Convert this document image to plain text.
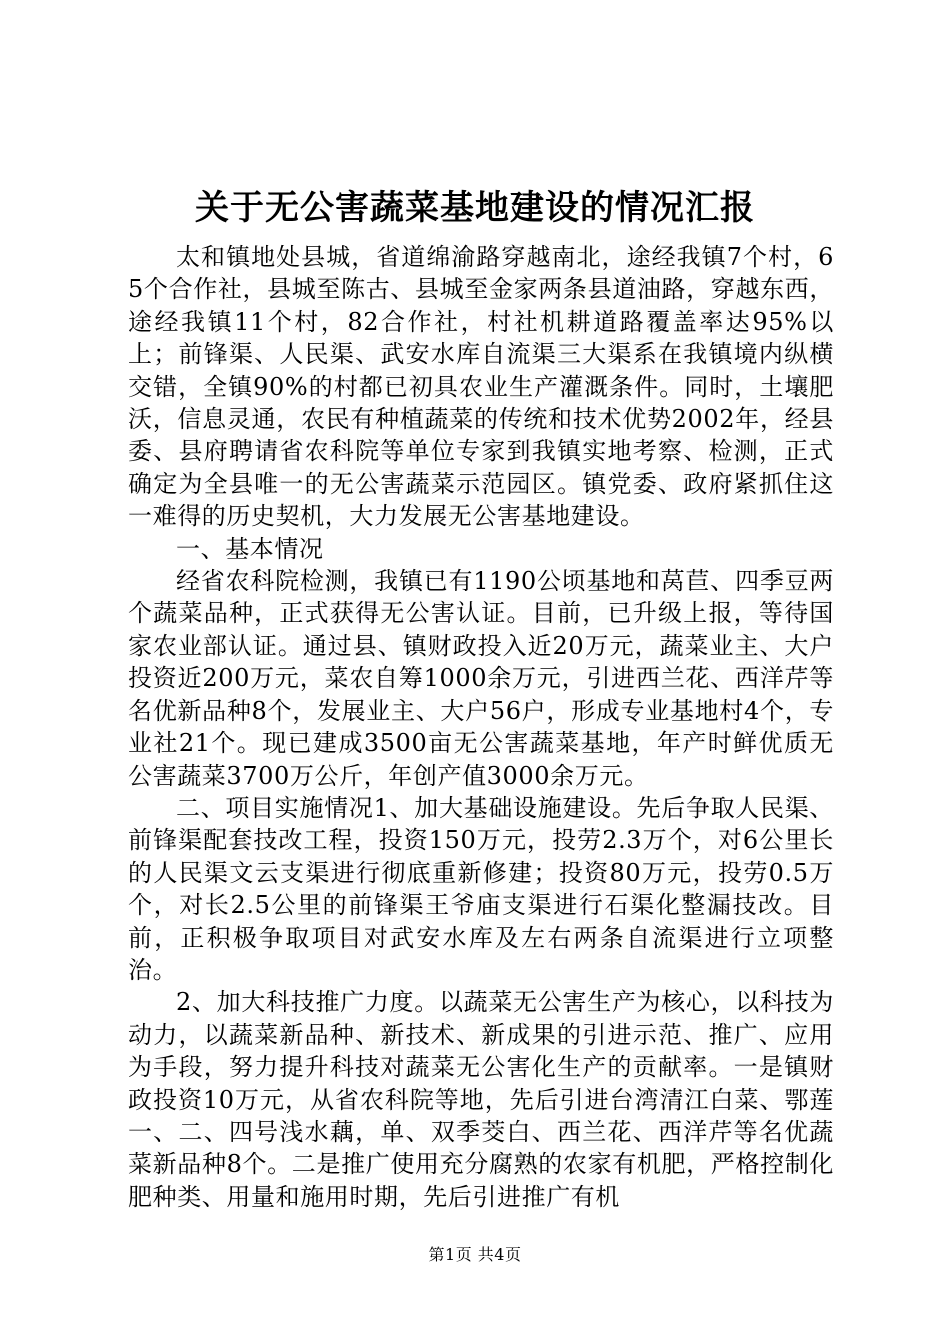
关于无公害蔬菜基地建设的情况汇报

太和镇地处县城，省道绵渝路穿越南北，途经我镇7个村，65个合作社，县城至陈古、县城至金家两条县道油路，穿越东西，途经我镇11个村，82合作社，村社机耕道路覆盖率达95%以上；前锋渠、人民渠、武安水库自流渠三大渠系在我镇境内纵横交错，全镇90%的村都已初具农业生产灌溉条件。同时，土壤肥沃，信息灵通，农民有种植蔬菜的传统和技术优势2002年，经县委、县府聘请省农科院等单位专家到我镇实地考察、检测，正式确定为全县唯一的无公害蔬菜示范园区。镇党委、政府紧抓住这一难得的历史契机，大力发展无公害基地建设。

一、基本情况

经省农科院检测，我镇已有1190公顷基地和莴苣、四季豆两个蔬菜品种，正式获得无公害认证。目前，已升级上报，等待国家农业部认证。通过县、镇财政投入近20万元，蔬菜业主、大户投资近200万元，菜农自筹1000余万元，引进西兰花、西洋芹等名优新品种8个，发展业主、大户56户，形成专业基地村4个，专业社21个。现已建成3500亩无公害蔬菜基地，年产时鲜优质无公害蔬菜3700万公斤，年创产值3000余万元。

二、项目实施情况1、加大基础设施建设。先后争取人民渠、前锋渠配套技改工程，投资150万元，投劳2.3万个，对6公里长的人民渠文云支渠进行彻底重新修建；投资80万元，投劳0.5万个，对长2.5公里的前锋渠王爷庙支渠进行石渠化整漏技改。目前，正积极争取项目对武安水库及左右两条自流渠进行立项整治。

2、加大科技推广力度。以蔬菜无公害生产为核心，以科技为动力，以蔬菜新品种、新技术、新成果的引进示范、推广、应用为手段，努力提升科技对蔬菜无公害化生产的贡献率。一是镇财政投资10万元，从省农科院等地，先后引进台湾清江白菜、鄂莲一、二、四号浅水藕，单、双季茭白、西兰花、西洋芹等名优蔬菜新品种8个。二是推广使用充分腐熟的农家有机肥，严格控制化肥种类、用量和施用时期，先后引进推广有机

第1页 共4页
